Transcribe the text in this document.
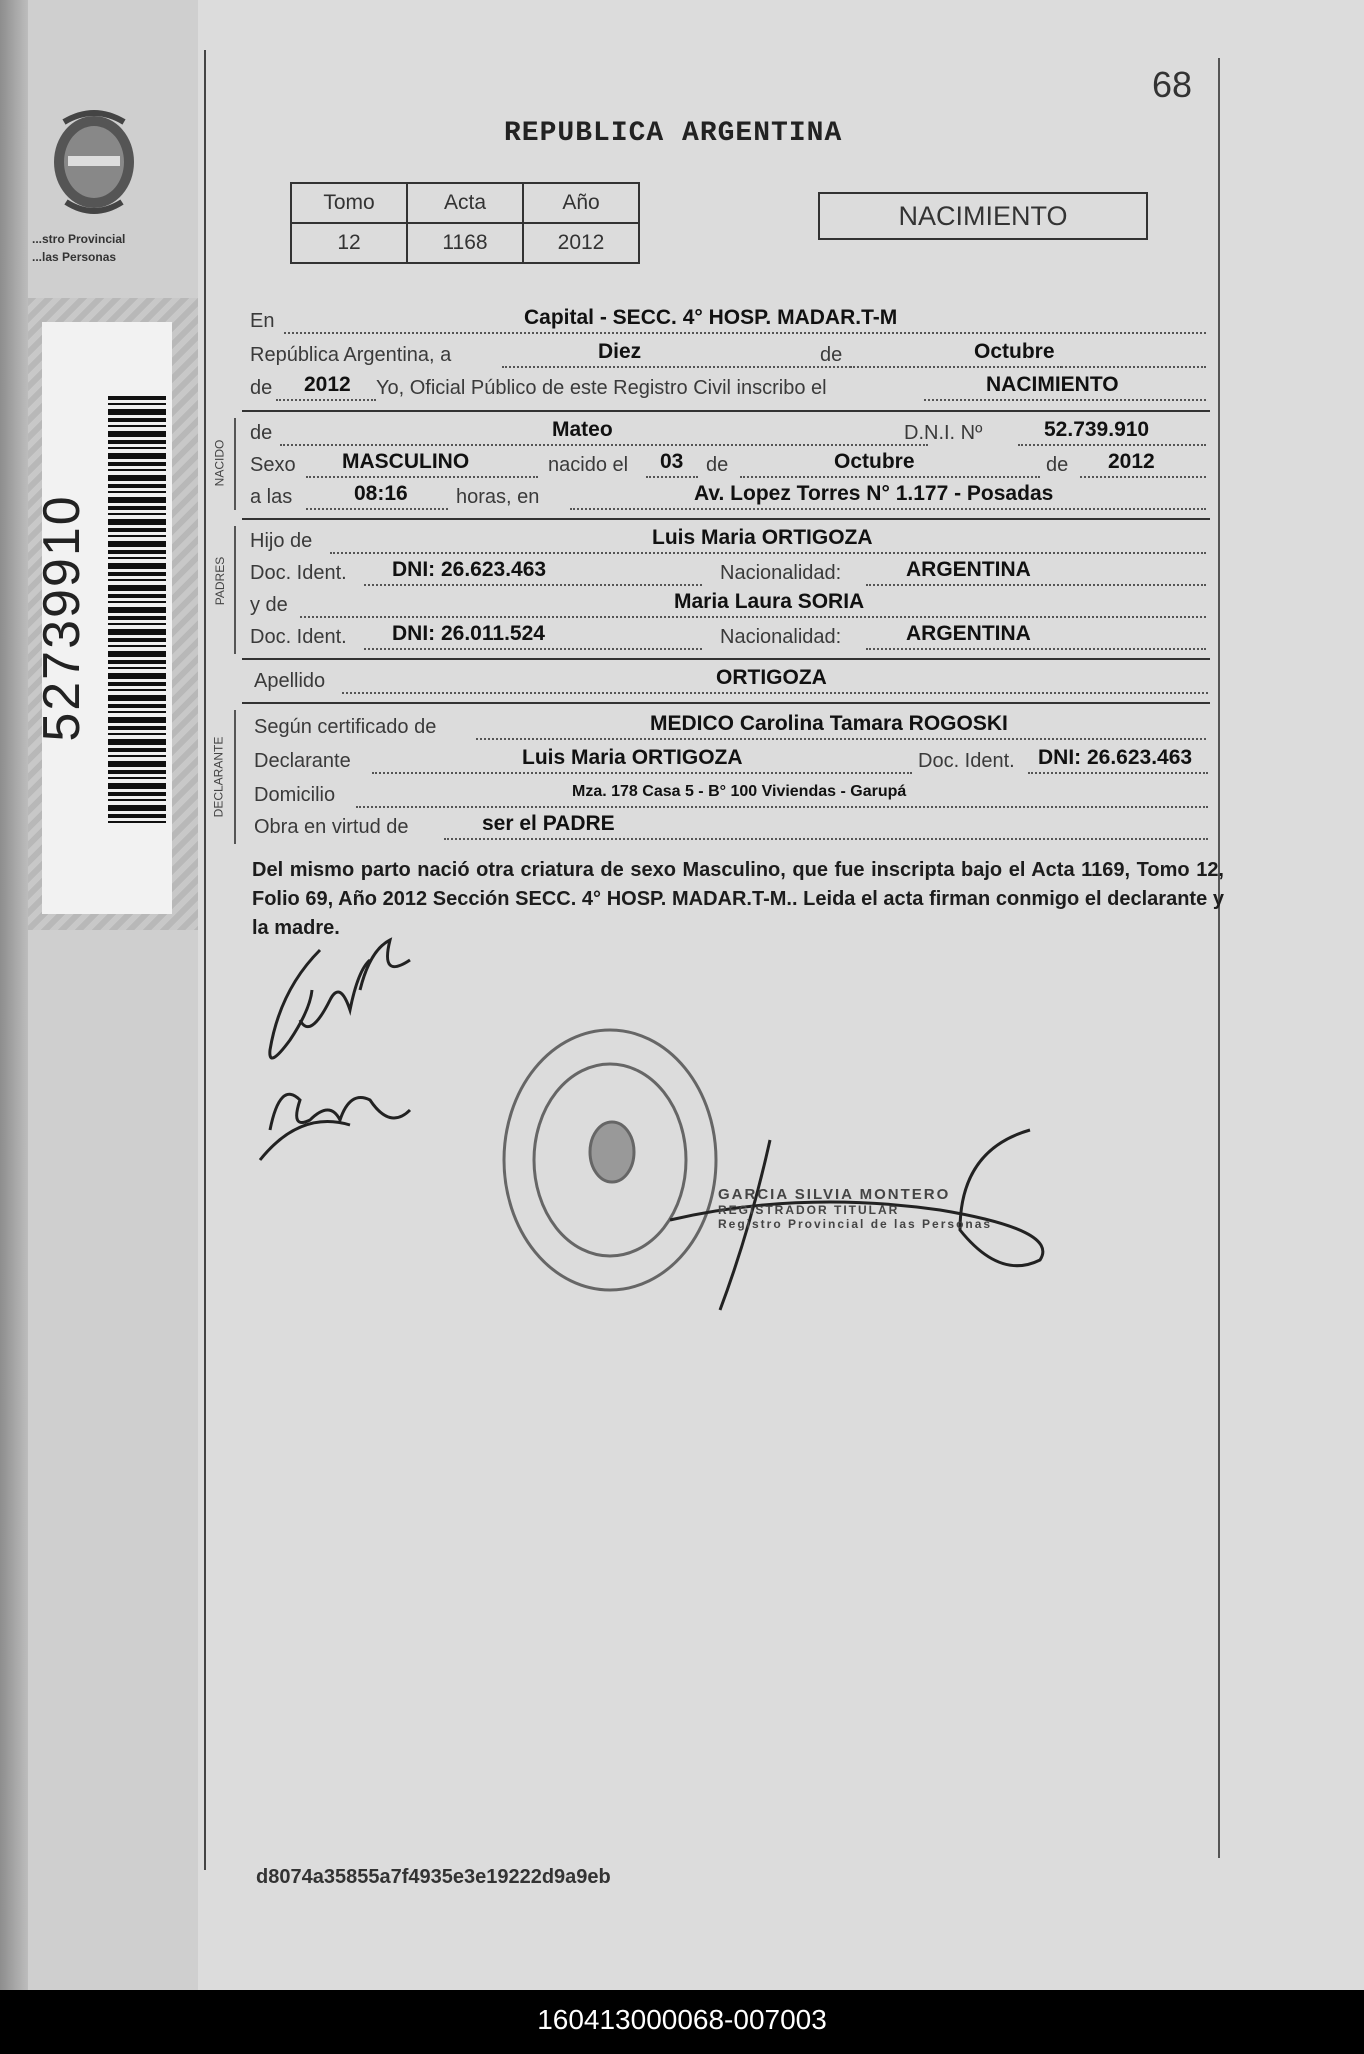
...stro Provincial
...las Personas
52739910
68
REPUBLICA ARGENTINA
Tomo	Acta	Año
12	1168	2012
NACIMIENTO
En	Capital - SECC. 4° HOSP. MADAR.T-M
República Argentina, a	Diez	de	Octubre
de 2012 Yo, Oficial Público de este Registro Civil inscribo el	NACIMIENTO
NACIDO
de	Mateo	D.N.I. Nº	52.739.910
Sexo MASCULINO	nacido el 03 de	Octubre	de 2012
a las	08:16 horas, en	Av. Lopez Torres N° 1.177 - Posadas
PADRES
Hijo de	Luis Maria ORTIGOZA
Doc. Ident. DNI: 26.623.463	Nacionalidad:	ARGENTINA
y de	Maria Laura SORIA
Doc. Ident. DNI: 26.011.524	Nacionalidad:	ARGENTINA
Apellido	ORTIGOZA
DECLARANTE
Según certificado de	MEDICO Carolina Tamara ROGOSKI
Declarante	Luis Maria ORTIGOZA	Doc. Ident. DNI: 26.623.463
Domicilio	Mza. 178 Casa 5 - B° 100 Viviendas - Garupá
Obra en virtud de	ser el PADRE
Del mismo parto nació otra criatura de sexo Masculino, que fue inscripta bajo el Acta 1169, Tomo 12, Folio 69, Año 2012 Sección SECC. 4° HOSP. MADAR.T-M.. Leida el acta firman conmigo el declarante y la madre.
GARCIA SILVIA MONTERO
REGISTRADOR TITULAR
Registro Provincial de las Personas
d8074a35855a7f4935e3e19222d9a9eb
160413000068-007003
